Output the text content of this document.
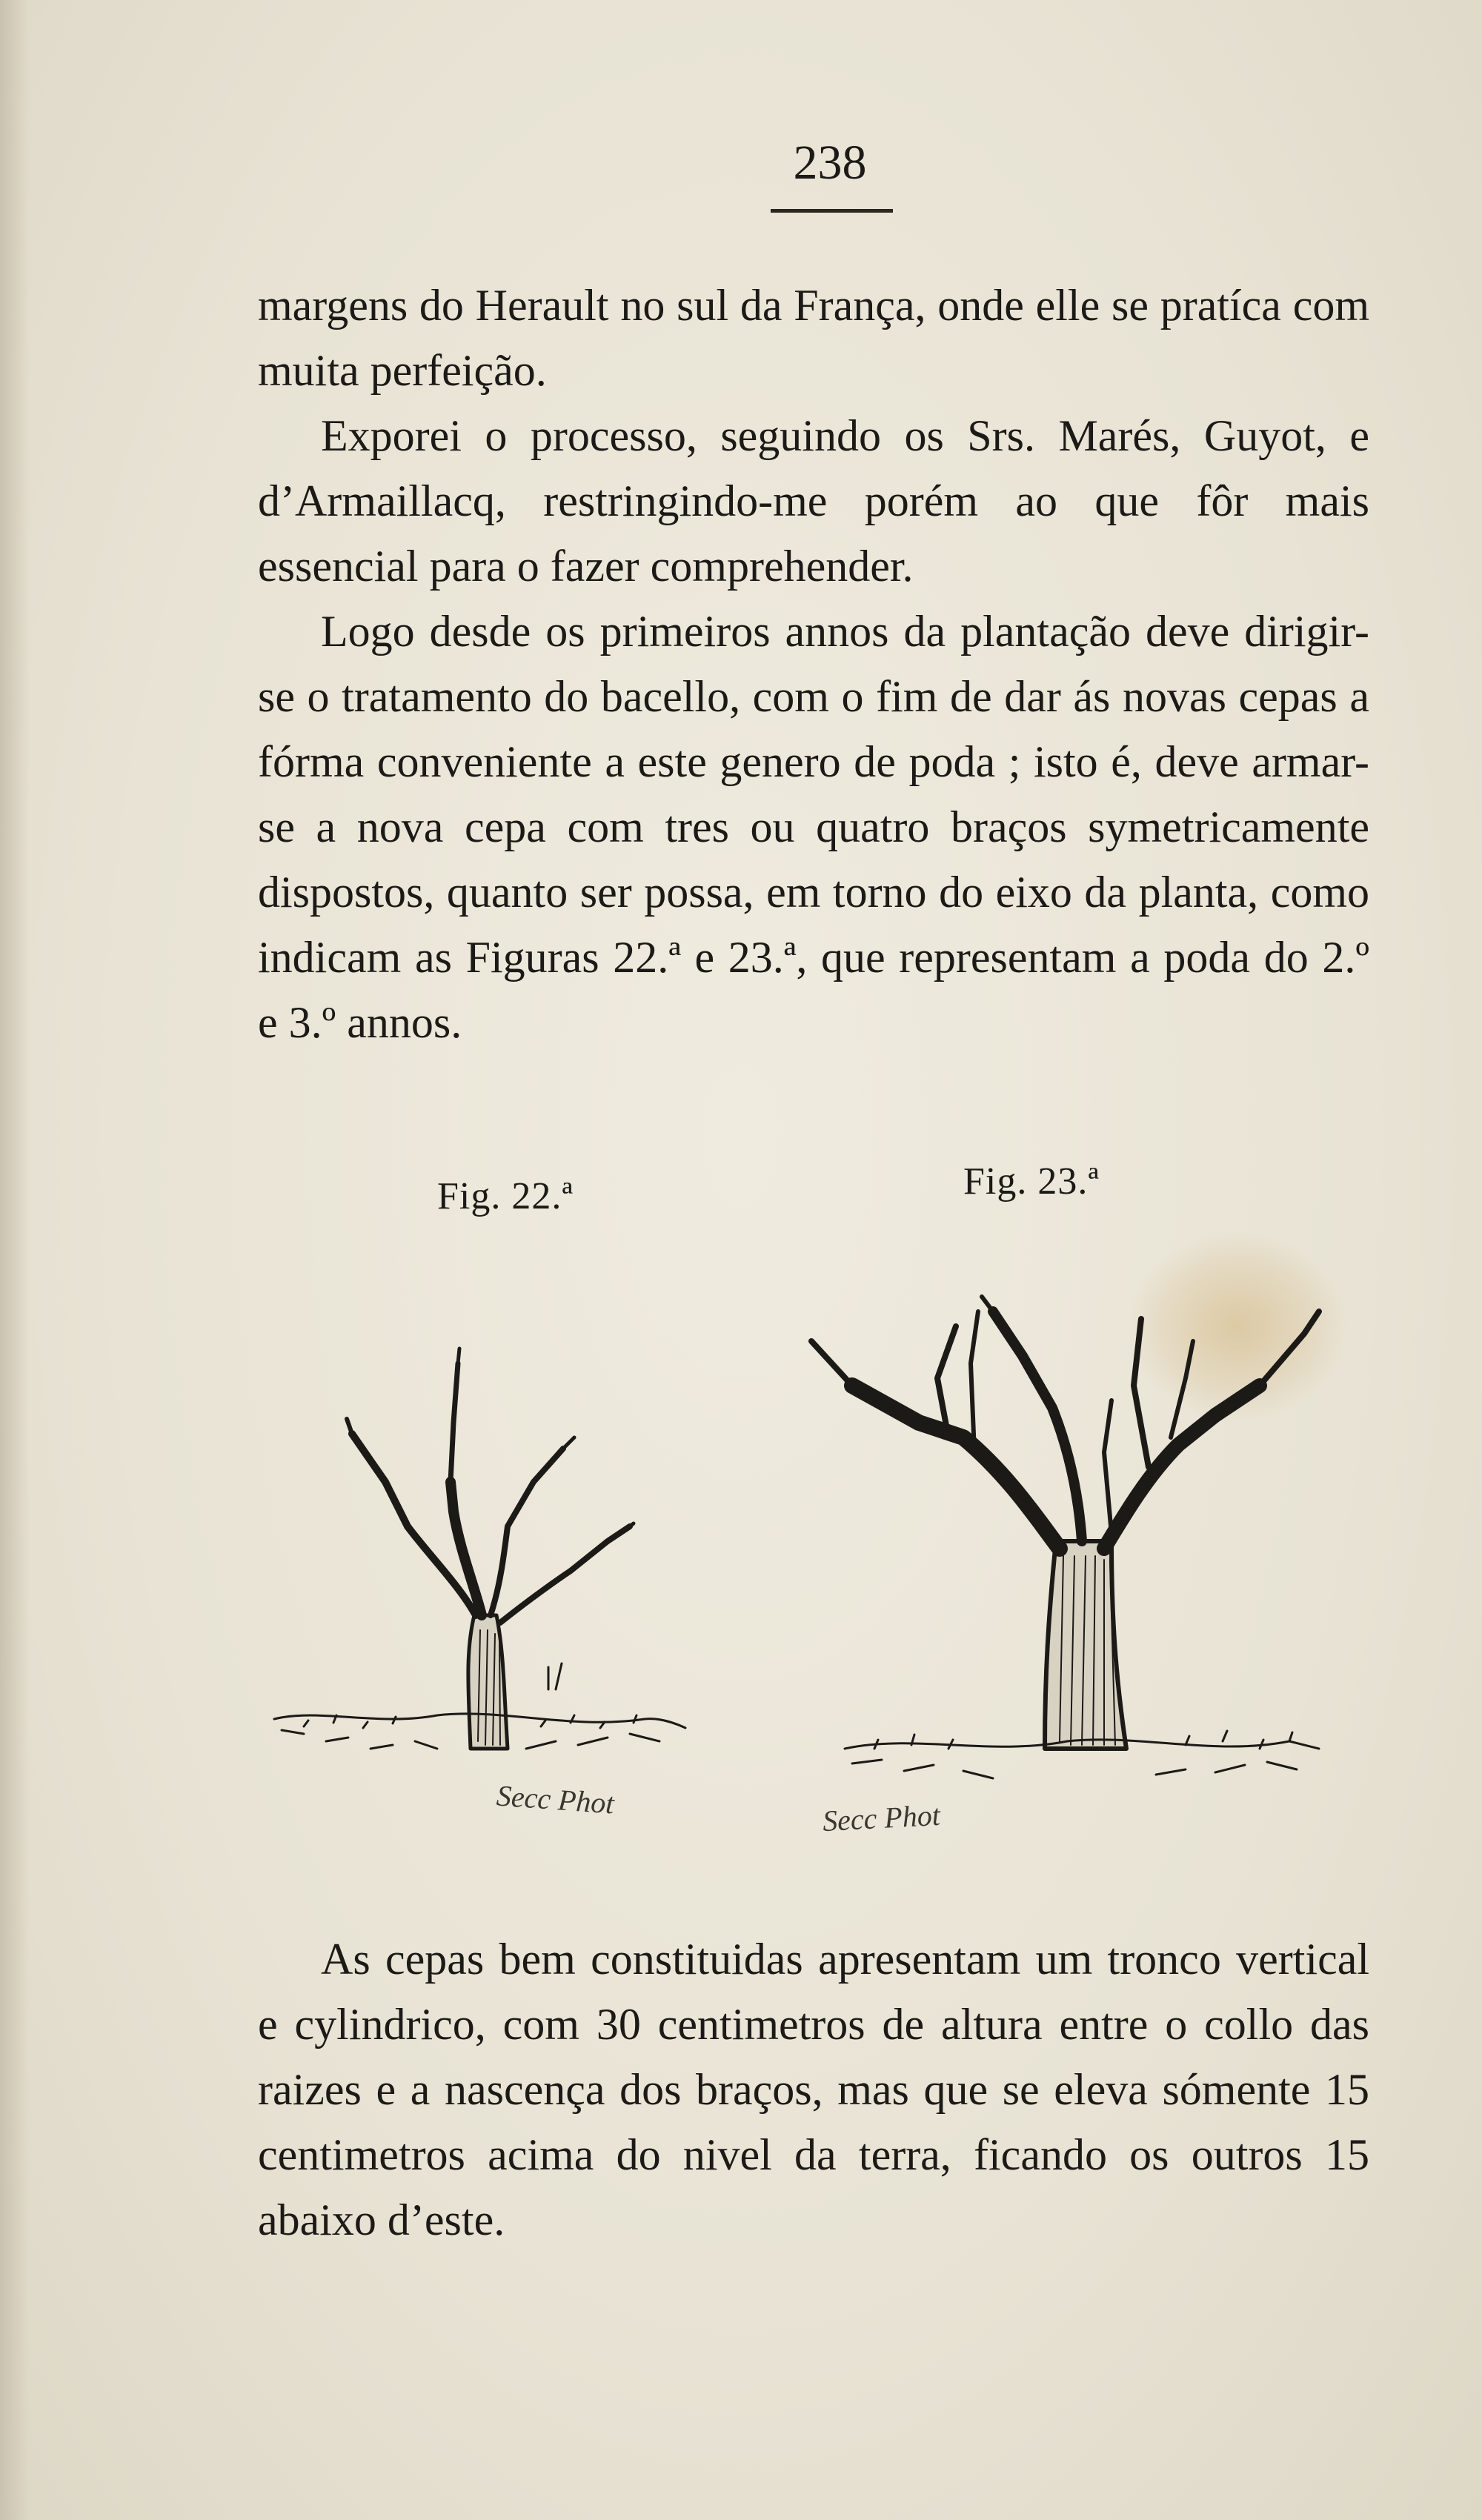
238

margens do Herault no sul da França, onde elle se pratíca com muita perfeição.

Exporei o processo, seguindo os Srs. Marés, Guyot, e d’Armaillacq, restringindo-me porém ao que fôr mais essencial para o fazer comprehender.

Logo desde os primeiros annos da plantação deve dirigir-se o tratamento do bacello, com o fim de dar ás novas cepas a fórma conveniente a este genero de poda ; isto é, deve armar-se a nova cepa com tres ou quatro braços symetricamente dispostos, quanto ser possa, em torno do eixo da planta, como indicam as Figuras 22.ª e 23.ª, que representam a poda do 2.º e 3.º annos.

Fig. 22.ª
Secc Phot
Fig. 23.ª
Secc Phot

As cepas bem constituidas apresentam um tronco vertical e cylindrico, com 30 centimetros de altura entre o collo das raizes e a nascença dos braços, mas que se eleva sómente 15 centimetros acima do nivel da terra, ficando os outros 15 abaixo d’este.
